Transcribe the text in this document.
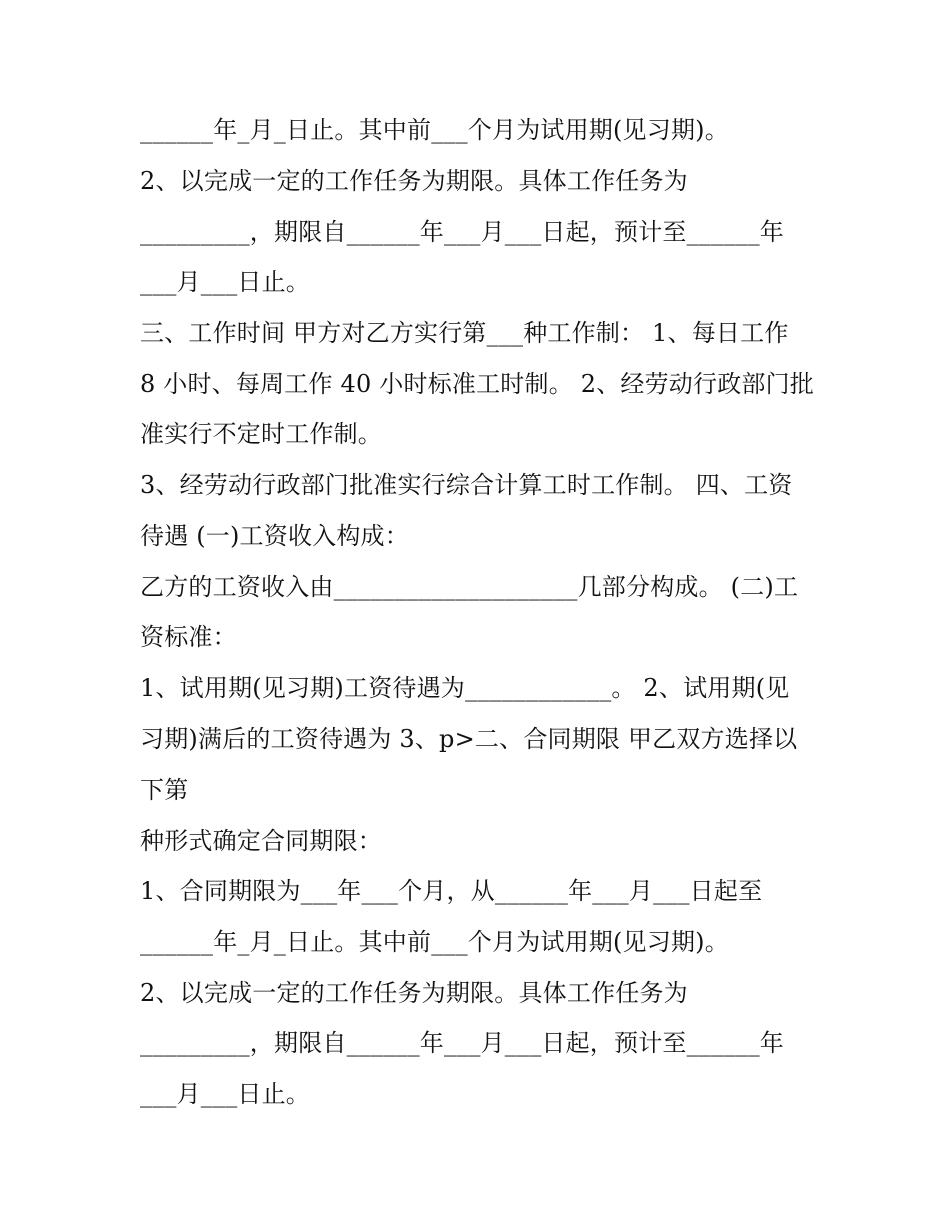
______年_月_日止。其中前___个月为试用期(见习期)。
2、以完成一定的工作任务为期限。具体工作任务为
_________，期限自______年___月___日起，预计至______年
___月___日止。
三、工作时间 甲方对乙方实行第___种工作制： 1、每日工作
8 小时、每周工作 40 小时标准工时制。 2、经劳动行政部门批
准实行不定时工作制。
3、经劳动行政部门批准实行综合计算工时工作制。 四、工资
待遇 (一)工资收入构成：
乙方的工资收入由____________________几部分构成。 (二)工
资标准：
1、试用期(见习期)工资待遇为____________。 2、试用期(见
习期)满后的工资待遇为 3、p>二、合同期限 甲乙双方选择以
下第
种形式确定合同期限：
1、合同期限为___年___个月，从______年___月___日起至
______年_月_日止。其中前___个月为试用期(见习期)。
2、以完成一定的工作任务为期限。具体工作任务为
_________，期限自______年___月___日起，预计至______年
___月___日止。
